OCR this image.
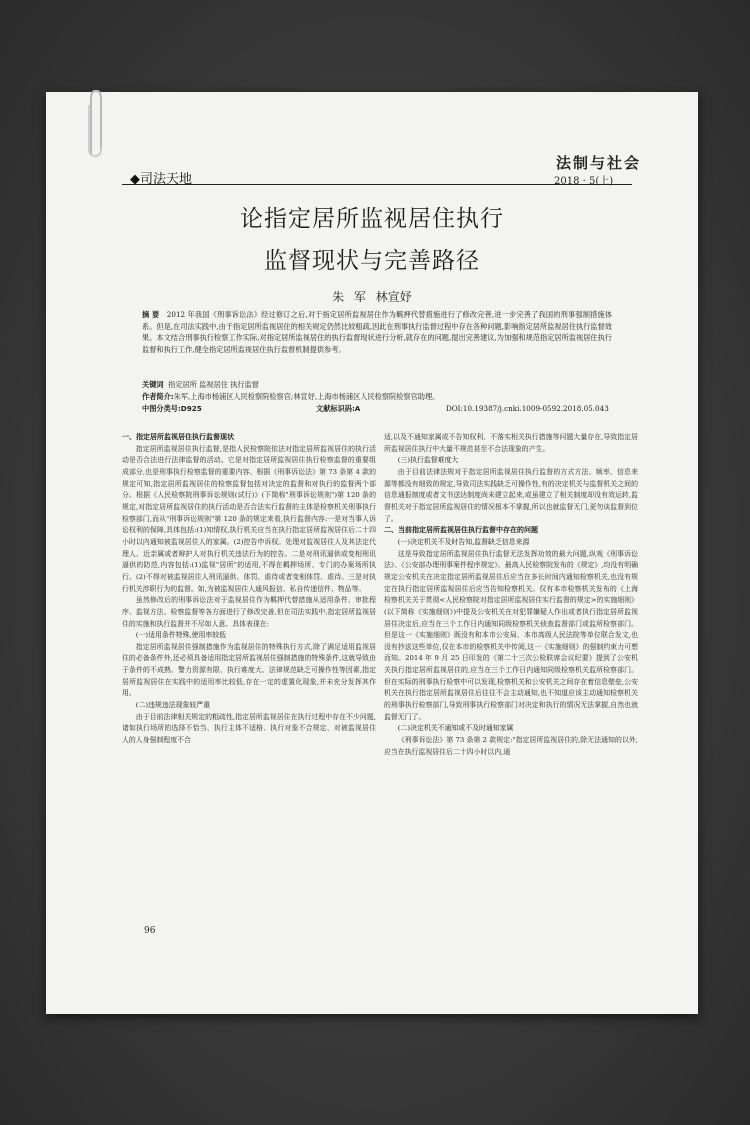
法制与社会
2018 · 5(上)
◆司法天地
论指定居所监视居住执行
监督现状与完善路径
朱 军 林宣妤
摘 要 2012 年我国《刑事诉讼法》经过修订之后,对于指定居所监视居住作为羁押代替措施进行了修改完善,进一步完善了我国的刑事强制措施体系。但是,在司法实践中,由于指定居所监视居住的相关规定仍然比较粗疏,因此在刑事执行监督过程中存在各种问题,影响指定居所监视居住执行监督效果。本文结合刑事执行检察工作实际,对指定居所监视居住的执行监督现状进行分析,就存在的问题,提出完善建议,为加强和规范指定居所监视居住执行监督和执行工作,健全指定居所监视居住执行监督机制提供参考。
关键词 指定居所 监视居住 执行监督
作者简介:朱军,上海市杨浦区人民检察院检察官;林宣妤,上海市杨浦区人民检察院检察官助理。
中图分类号:D925	文献标识码:A	DOI:10.19387/j.cnki.1009-0592.2018.05.043
一、指定居所监视居住执行监督现状

指定居所监视居住执行监督,是指人民检察院依法对指定居所监视居住的执行活动是否合法进行法律监督的活动。它是对指定居所监视居住执行检察监督的重要组成部分,也是刑事执行检察监督的重要内容。根据《刑事诉讼法》第 73 条第 4 款的规定可知,指定居所监视居住的检察监督包括对决定的监督和对执行的监督两个部分。根据《人民检察院刑事诉讼规则(试行)》(下简称"刑事诉讼规则")第 120 条的规定,对指定居所监视居住的执行活动是否合法实行监督的主体是检察机关刑事执行检察部门,而从"刑事诉讼规则"第 120 条的规定来看,执行监督内容:一是对当事人诉讼权利的保障,具体包括:(1)知情权,执行机关应当在执行指定居所监视居住后二十四小时以内通知被监视居住人的家属。(2)控告申诉权。处理对监视居住人及其法定代理人、近亲属或者辩护人对执行机关违法行为的控告。二是对刑讯逼供或变相刑讯逼供的防范,内容包括:(1)监视"居所"的适用,不得在羁押场所、专门的办案场所执行。(2)不得对被监视居住人刑讯逼供、体罚、虐待或者变相体罚、虐待。三是对执行机关涉职行为的监督。如,为被监视居住人通风报信、私自传递信件、物品等。

虽然修改后的刑事诉讼法对于监视居住作为羁押代替措施从适用条件、审批程序、监视方法、检察监督等各方面进行了修改完善,但在司法实践中,指定居所监视居住的实施和执行监督并不尽如人意。具体表现在:

(一)适用条件特殊,使用率较低

指定居所监视居住强制措施作为监视居住的特殊执行方式,除了满足适用监视居住的必备条件外,还必须具备适用指定居所监视居住强制措施的特殊条件,这就导致由于条件的不成熟、警力资源有限、执行难度大、法律规范缺乏可操作性等因素,指定居所监视居住在实践中的适用率比较低,存在一定的虚置化现象,并未充分发挥其作用。

(二)违规违法现象较严重

由于目前法律相关规定的粗疏性,指定居所监视居住在执行过程中存在不少问题,诸如执行场所的选择不恰当、执行主体不适格、执行对象不合规定、对被监视居住人的人身强制程度不合

适,以及不通知家属或不告知权利、不落实相关执行措施等问题大量存在,导致指定居所监视居住执行中大量不规范甚至不合法现象的产生。

(三)执行监督难度大

由于目前法律法规对于指定居所监视居住执行监督的方式方法、频率、信息来源等都没有细致的规定,导致司法实践缺乏可操作性,有的决定机关与监督机关之间的信息通报制度或者文书送达制度尚未建立起来,或虽建立了相关制度却没有效运转,监督机关对于指定居所监视居住的情况根本不掌握,所以也就监督无门,更勿谈监督到位了。

二、当前指定居所监视居住执行监督中存在的问题
(一)决定机关不及时告知,监督缺乏信息来源

这是导致指定居所监视居住执行监督无法发挥功效的最大问题,纵观《刑事诉讼法》、《公安部办理刑事案件程序规定》、最高人民检察院发布的《规定》,均没有明确规定公安机关在决定指定居所监视居住后应当在多长时间内通知检察机关,也没有规定在执行指定居所监视居住后应当告知检察机关。仅有本市检察机关发布的《上海检察机关关于贯彻<人民检察院对指定居所监视居住实行监督的规定>的实施细则》(以下简称《实施细则》)中提及公安机关在对犯罪嫌疑人作出或者执行指定居所监视居住决定后,应当在三个工作日内通知同级检察机关侦查监督部门或监所检察部门。但是这一《实施细则》既没有和本市公安局、本市高级人民法院等单位联合发文,也没有抄送这些单位,仅在本市的检察机关中传阅,这一《实施细则》的强制约束力可想而知。2014 年 9 月 25 日印发的《第二十三次公检联席会议纪要》提到了公安机关执行指定居所监视居住的,应当在三个工作日内通知同级检察机关监所检察部门。但在实际的刑事执行检察中可以发现,检察机关和公安机关之间存在着信息壁垒,公安机关在执行指定居所监视居住后往往不会主动通知,也不知道应该主动通知检察机关的刑事执行检察部门,导致刑事执行检察部门对决定和执行的情况无法掌握,自然也就监督无门了。

(二)决定机关不通知或不及时通知家属

《刑事诉讼法》第 73 条第 2 款规定:"指定居所监视居住的,除无法通知的以外,应当在执行监视居住后二十四小时以内,通

96
